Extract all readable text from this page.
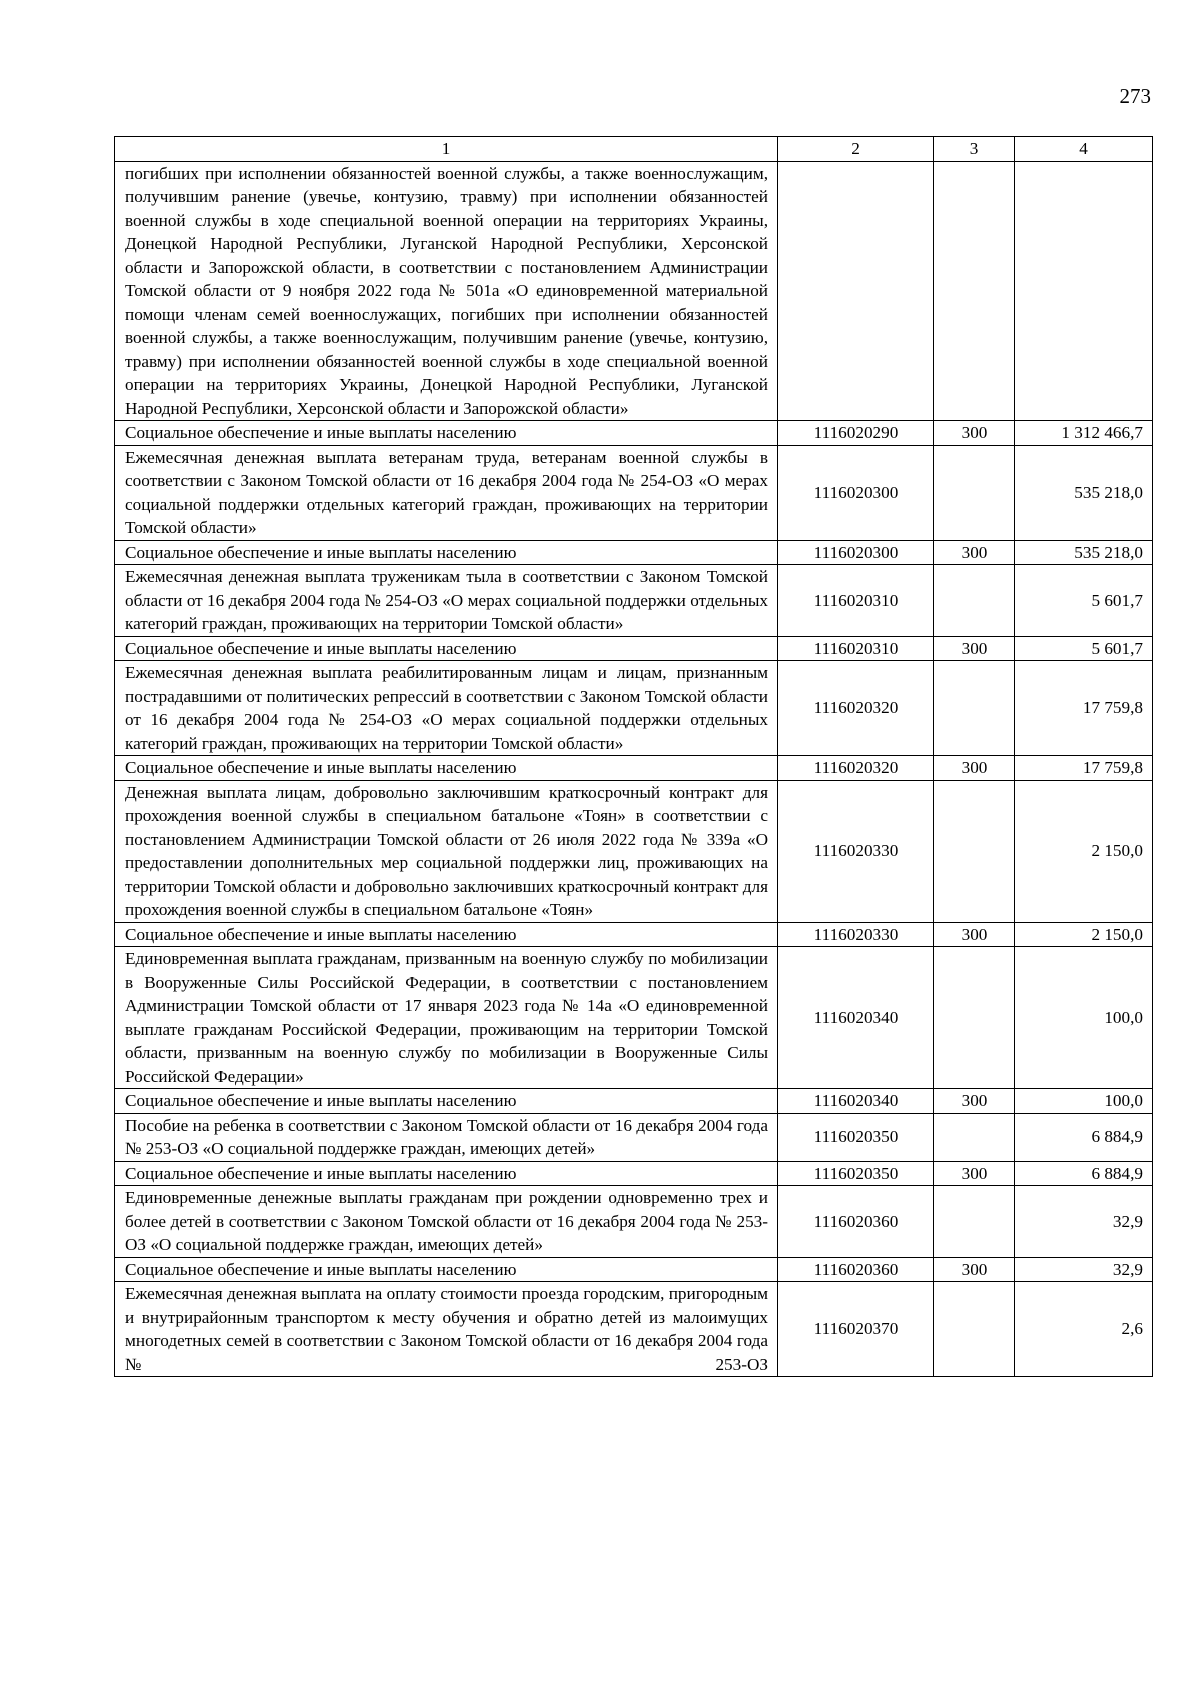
273
1	2	3	4
погибших при исполнении обязанностей военной службы, а также военнослужащим, получившим ранение (увечье, контузию, травму) при исполнении обязанностей военной службы в ходе специальной военной операции на территориях Украины, Донецкой Народной Республики, Луганской Народной Республики, Херсонской области и Запорожской области, в соответствии с постановлением Администрации Томской области от 9 ноября 2022 года № 501а «О единовременной материальной помощи членам семей военнослужащих, погибших при исполнении обязанностей военной службы, а также военнослужащим, получившим ранение (увечье, контузию, травму) при исполнении обязанностей военной службы в ходе специальной военной операции на территориях Украины, Донецкой Народной Республики, Луганской Народной Республики, Херсонской области и Запорожской области»			
Социальное обеспечение и иные выплаты населению	1116020290	300	1 312 466,7
Ежемесячная денежная выплата ветеранам труда, ветеранам военной службы в соответствии с Законом Томской области от 16 декабря 2004 года № 254-ОЗ «О мерах социальной поддержки отдельных категорий граждан, проживающих на территории Томской области»	1116020300		535 218,0
Социальное обеспечение и иные выплаты населению	1116020300	300	535 218,0
Ежемесячная денежная выплата труженикам тыла в соответствии с Законом Томской области от 16 декабря 2004 года № 254-ОЗ «О мерах социальной поддержки отдельных категорий граждан, проживающих на территории Томской области»	1116020310		5 601,7
Социальное обеспечение и иные выплаты населению	1116020310	300	5 601,7
Ежемесячная денежная выплата реабилитированным лицам и лицам, признанным пострадавшими от политических репрессий в соответствии с Законом Томской области от 16 декабря 2004 года № 254-ОЗ «О мерах социальной поддержки отдельных категорий граждан, проживающих на территории Томской области»	1116020320		17 759,8
Социальное обеспечение и иные выплаты населению	1116020320	300	17 759,8
Денежная выплата лицам, добровольно заключившим краткосрочный контракт для прохождения военной службы в специальном батальоне «Тоян» в соответствии с постановлением Администрации Томской области от 26 июля 2022 года № 339а «О предоставлении дополнительных мер социальной поддержки лиц, проживающих на территории Томской области и добровольно заключивших краткосрочный контракт для прохождения военной службы в специальном батальоне «Тоян»	1116020330		2 150,0
Социальное обеспечение и иные выплаты населению	1116020330	300	2 150,0
Единовременная выплата гражданам, призванным на военную службу по мобилизации в Вооруженные Силы Российской Федерации, в соответствии с постановлением Администрации Томской области от 17 января 2023 года № 14а «О единовременной выплате гражданам Российской Федерации, проживающим на территории Томской области, призванным на военную службу по мобилизации в Вооруженные Силы Российской Федерации»	1116020340		100,0
Социальное обеспечение и иные выплаты населению	1116020340	300	100,0
Пособие на ребенка в соответствии с Законом Томской области от 16 декабря 2004 года № 253-ОЗ «О социальной поддержке граждан, имеющих детей»	1116020350		6 884,9
Социальное обеспечение и иные выплаты населению	1116020350	300	6 884,9
Единовременные денежные выплаты гражданам при рождении одновременно трех и более детей в соответствии с Законом Томской области от 16 декабря 2004 года № 253-ОЗ «О социальной поддержке граждан, имеющих детей»	1116020360		32,9
Социальное обеспечение и иные выплаты населению	1116020360	300	32,9
Ежемесячная денежная выплата на оплату стоимости проезда городским, пригородным и внутрирайонным транспортом к месту обучения и обратно детей из малоимущих многодетных семей в соответствии с Законом Томской области от 16 декабря 2004 года № 253-ОЗ	1116020370		2,6
